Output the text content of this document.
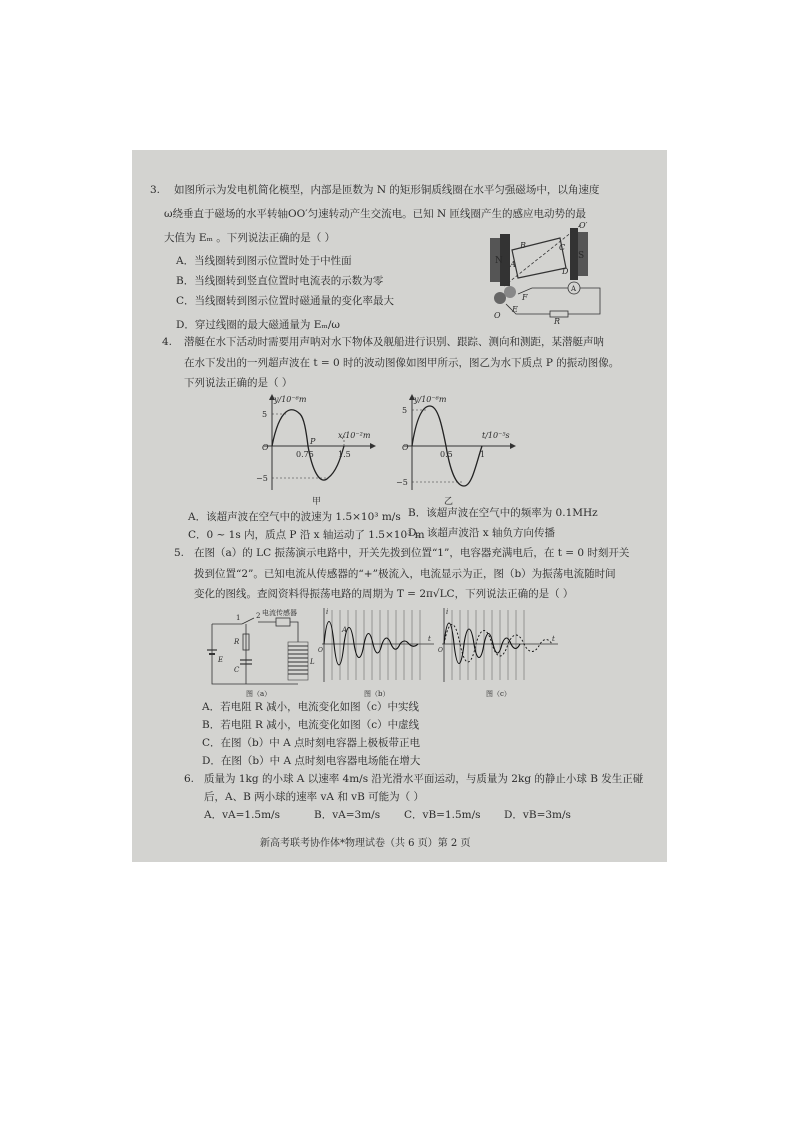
3. 如图所示为发电机简化模型，内部是匝数为 N 的矩形铜质线圈在水平匀强磁场中，以角速度
ω绕垂直于磁场的水平转轴OO′匀速转动产生交流电。已知 N 匝线圈产生的感应电动势的最
大值为 Eₘ 。下列说法正确的是（ ）
A．当线圈转到图示位置时处于中性面
B．当线圈转到竖直位置时电流表的示数为零
C．当线圈转到图示位置时磁通量的变化率最大
D．穿过线圈的最大磁通量为 Eₘ/ω
N	S
B	C
D
A
O′
O
E
F
A
R
4. 潜艇在水下活动时需要用声呐对水下物体及舰船进行识别、跟踪、测向和测距，某潜艇声呐
在水下发出的一列超声波在 t = 0 时的波动图像如图甲所示，图乙为水下质点 P 的振动图像。
下列说法正确的是（ ）
y/10⁻⁶m
x/10⁻²m
5
−5
O
0.75	1.5
P
甲
y/10⁻⁶m
t/10⁻⁵s
5
−5
O
0.5	1
乙
A．该超声波在空气中的波速为 1.5×10³ m/s B．该超声波在空气中的频率为 0.1MHz
C．0 ~ 1s 内，质点 P 沿 x 轴运动了 1.5×10³ m
D．该超声波沿 x 轴负方向传播
5. 在图（a）的 LC 振荡演示电路中，开关先拨到位置“1”，电容器充满电后，在 t = 0 时刻开关
拨到位置“2”。已知电流从传感器的“+”极流入，电流显示为正，图（b）为振荡电流随时间
变化的图线。查阅资料得振荡电路的周期为 T = 2π√LC，下列说法正确的是（ ）
电流传感器
1 2
E
R
C
L
图（a）
i
t
O
A
图（b）
i
t
O
图（c）
A．若电阻 R 减小，电流变化如图（c）中实线
B．若电阻 R 减小，电流变化如图（c）中虚线
C．在图（b）中 A 点时刻电容器上极板带正电
D．在图（b）中 A 点时刻电容器电场能在增大
6. 质量为 1kg 的小球 A 以速率 4m/s 沿光滑水平面运动，与质量为 2kg 的静止小球 B 发生正碰
后，A、B 两小球的速率 vA 和 vB 可能为（ ）
A．vA=1.5m/s	B．vA=3m/s C．vB=1.5m/s D．vB=3m/s
新高考联考协作体*物理试卷（共 6 页）第 2 页
